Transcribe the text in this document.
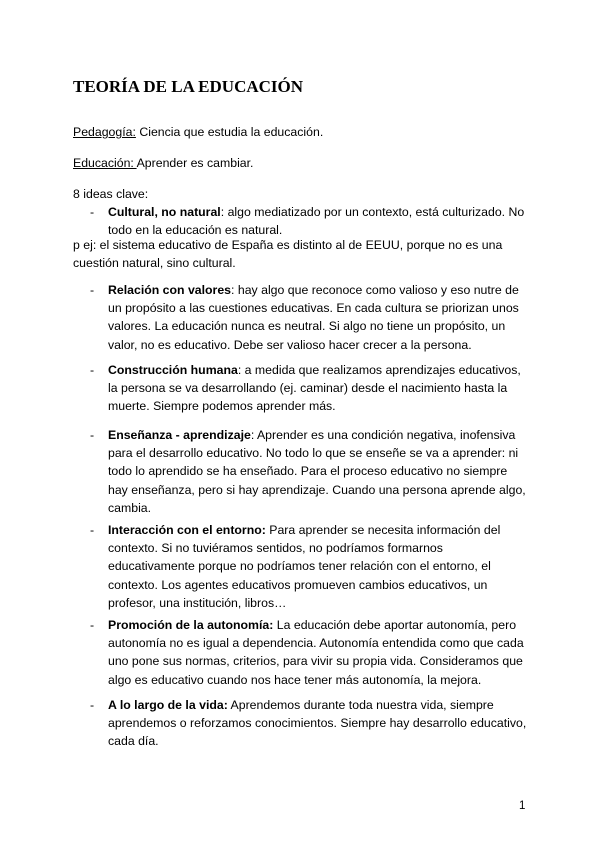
TEORÍA DE LA EDUCACIÓN

Pedagogía: Ciencia que estudia la educación.

Educación: Aprender es cambiar.

8 ideas clave:

- Cultural, no natural: algo mediatizado por un contexto, está culturizado. No todo en la educación es natural.

p ej: el sistema educativo de España es distinto al de EEUU, porque no es una cuestión natural, sino cultural.

- Relación con valores: hay algo que reconoce como valioso y eso nutre de un propósito a las cuestiones educativas. En cada cultura se priorizan unos valores. La educación nunca es neutral. Si algo no tiene un propósito, un valor, no es educativo. Debe ser valioso hacer crecer a la persona.
- Construcción humana: a medida que realizamos aprendizajes educativos, la persona se va desarrollando (ej. caminar) desde el nacimiento hasta la muerte. Siempre podemos aprender más.
- Enseñanza - aprendizaje: Aprender es una condición negativa, inofensiva para el desarrollo educativo. No todo lo que se enseñe se va a aprender: ni todo lo aprendido se ha enseñado. Para el proceso educativo no siempre hay enseñanza, pero si hay aprendizaje. Cuando una persona aprende algo, cambia.
- Interacción con el entorno: Para aprender se necesita información del contexto. Si no tuviéramos sentidos, no podríamos formarnos educativamente porque no podríamos tener relación con el entorno, el contexto. Los agentes educativos promueven cambios educativos, un profesor, una institución, libros…
- Promoción de la autonomía: La educación debe aportar autonomía, pero autonomía no es igual a dependencia. Autonomía entendida como que cada uno pone sus normas, criterios, para vivir su propia vida. Consideramos que algo es educativo cuando nos hace tener más autonomía, la mejora.
- A lo largo de la vida: Aprendemos durante toda nuestra vida, siempre aprendemos o reforzamos conocimientos. Siempre hay desarrollo educativo, cada día.
1
